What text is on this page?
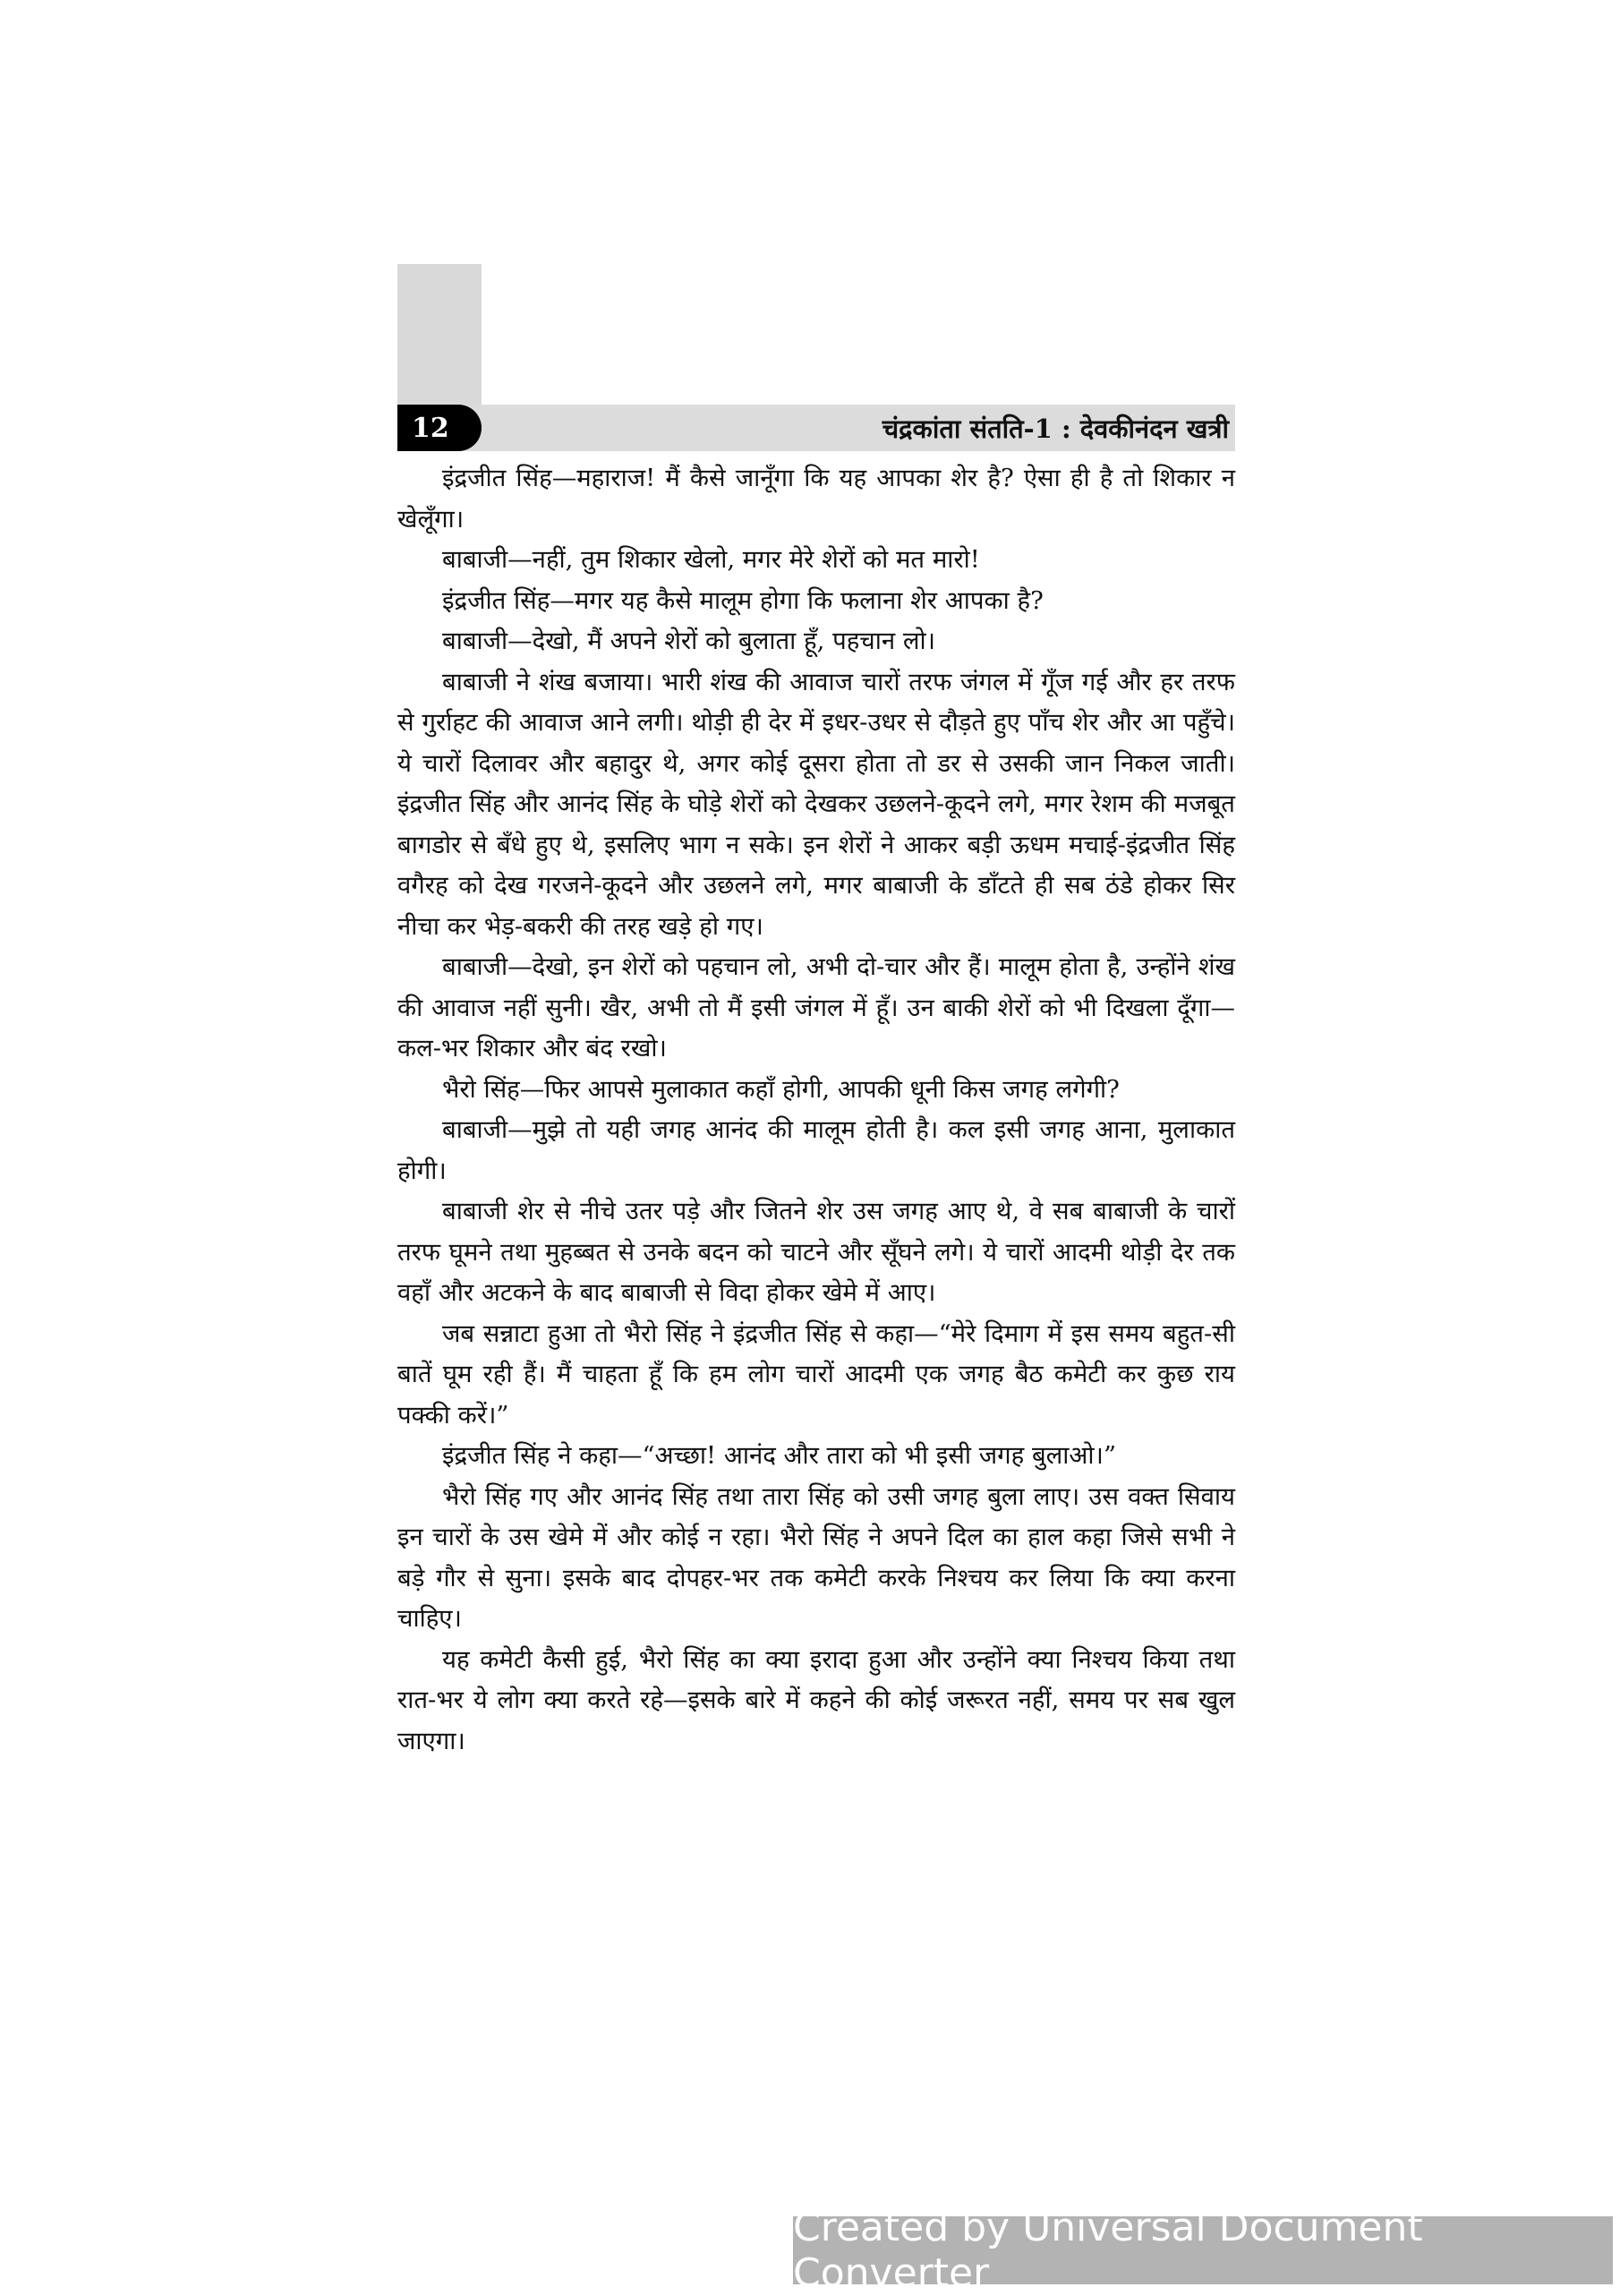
12	चंद्रकांता संतति-1 : देवकीनंदन खत्री

इंद्रजीत सिंह—महाराज! मैं कैसे जानूँगा कि यह आपका शेर है? ऐसा ही है तो शिकार न खेलूँगा।

बाबाजी—नहीं, तुम शिकार खेलो, मगर मेरे शेरों को मत मारो!

इंद्रजीत सिंह—मगर यह कैसे मालूम होगा कि फलाना शेर आपका है?

बाबाजी—देखो, मैं अपने शेरों को बुलाता हूँ, पहचान लो।

बाबाजी ने शंख बजाया। भारी शंख की आवाज चारों तरफ जंगल में गूँज गई और हर तरफ से गुर्राहट की आवाज आने लगी। थोड़ी ही देर में इधर-उधर से दौड़ते हुए पाँच शेर और आ पहुँचे। ये चारों दिलावर और बहादुर थे, अगर कोई दूसरा होता तो डर से उसकी जान निकल जाती। इंद्रजीत सिंह और आनंद सिंह के घोड़े शेरों को देखकर उछलने-कूदने लगे, मगर रेशम की मजबूत बागडोर से बँधे हुए थे, इसलिए भाग न सके। इन शेरों ने आकर बड़ी ऊधम मचाई-इंद्रजीत सिंह वगैरह को देख गरजने-कूदने और उछलने लगे, मगर बाबाजी के डाँटते ही सब ठंडे होकर सिर नीचा कर भेड़-बकरी की तरह खड़े हो गए।

बाबाजी—देखो, इन शेरों को पहचान लो, अभी दो-चार और हैं। मालूम होता है, उन्होंने शंख की आवाज नहीं सुनी। खैर, अभी तो मैं इसी जंगल में हूँ। उन बाकी शेरों को भी दिखला दूँगा—कल-भर शिकार और बंद रखो।

भैरो सिंह—फिर आपसे मुलाकात कहाँ होगी, आपकी धूनी किस जगह लगेगी?

बाबाजी—मुझे तो यही जगह आनंद की मालूम होती है। कल इसी जगह आना, मुलाकात होगी।

बाबाजी शेर से नीचे उतर पड़े और जितने शेर उस जगह आए थे, वे सब बाबाजी के चारों तरफ घूमने तथा मुहब्बत से उनके बदन को चाटने और सूँघने लगे। ये चारों आदमी थोड़ी देर तक वहाँ और अटकने के बाद बाबाजी से विदा होकर खेमे में आए।

जब सन्नाटा हुआ तो भैरो सिंह ने इंद्रजीत सिंह से कहा—“मेरे दिमाग में इस समय बहुत-सी बातें घूम रही हैं। मैं चाहता हूँ कि हम लोग चारों आदमी एक जगह बैठ कमेटी कर कुछ राय पक्की करें।”

इंद्रजीत सिंह ने कहा—“अच्छा! आनंद और तारा को भी इसी जगह बुलाओ।”

भैरो सिंह गए और आनंद सिंह तथा तारा सिंह को उसी जगह बुला लाए। उस वक्त सिवाय इन चारों के उस खेमे में और कोई न रहा। भैरो सिंह ने अपने दिल का हाल कहा जिसे सभी ने बड़े गौर से सुना। इसके बाद दोपहर-भर तक कमेटी करके निश्चय कर लिया कि क्या करना चाहिए।

यह कमेटी कैसी हुई, भैरो सिंह का क्या इरादा हुआ और उन्होंने क्या निश्चय किया तथा रात-भर ये लोग क्या करते रहे—इसके बारे में कहने की कोई जरूरत नहीं, समय पर सब खुल जाएगा।

Created by Universal Document Converter
